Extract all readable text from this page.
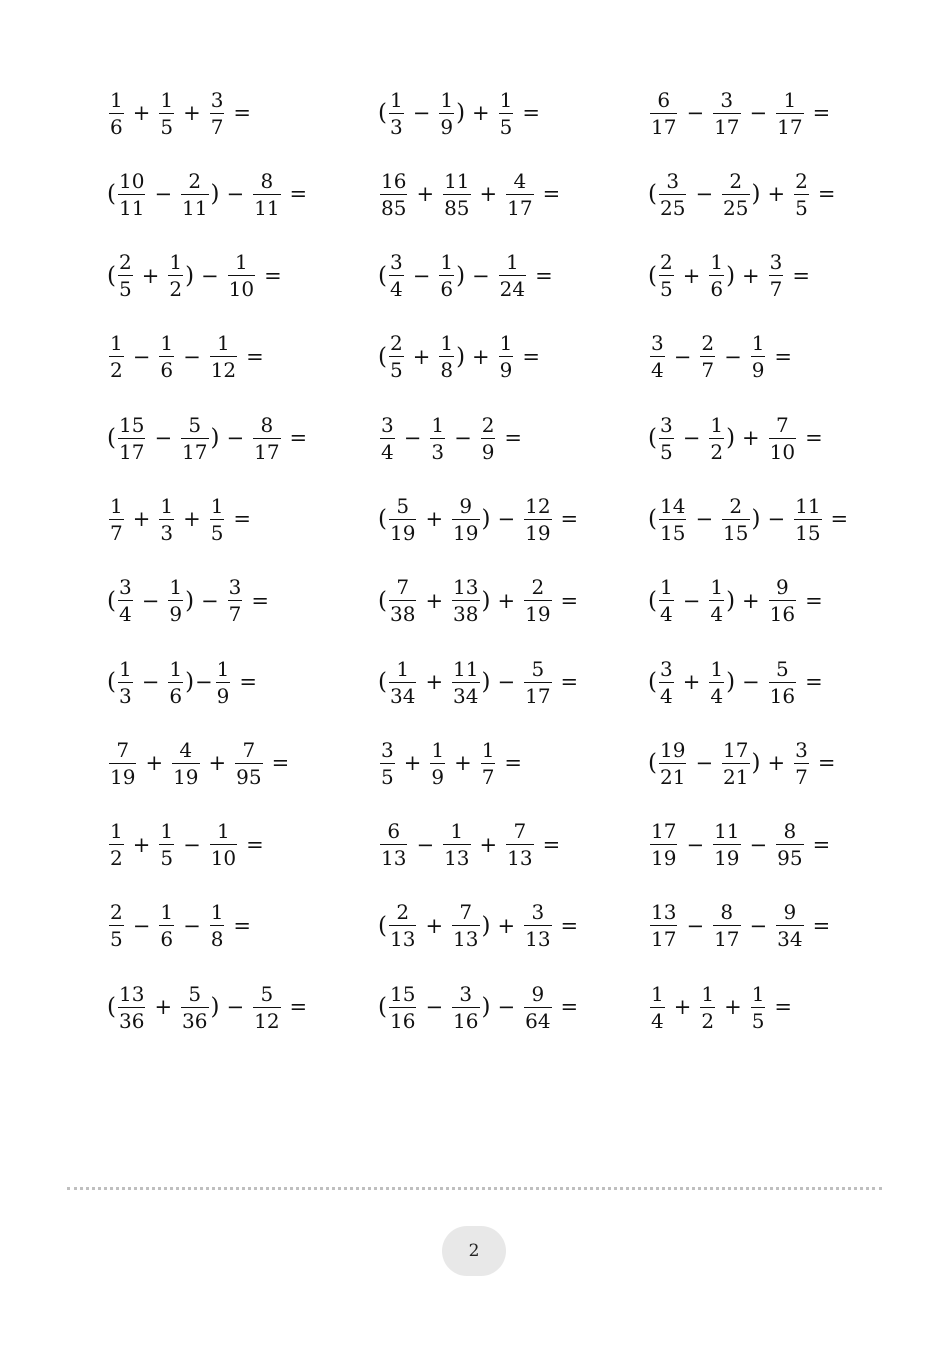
$\frac{1}{6} + \frac{1}{5} + \frac{3}{7}$ =	( $\frac{1}{3} - \frac{1}{9}$ ) + $\frac{1}{5}$ =	$\frac{6}{17} - \frac{3}{17} - \frac{1}{17}$ =
( $\frac{10}{11} - \frac{2}{11}$ ) − $\frac{8}{11}$ =	$\frac{16}{85} + \frac{11}{85} + \frac{4}{17}$ =	( $\frac{3}{25} - \frac{2}{25}$ ) + $\frac{2}{5}$ =
( $\frac{2}{5} + \frac{1}{2}$ ) − $\frac{1}{10}$ =	( $\frac{3}{4} - \frac{1}{6}$ ) − $\frac{1}{24}$ =	( $\frac{2}{5} + \frac{1}{6}$ ) + $\frac{3}{7}$ =
$\frac{1}{2} - \frac{1}{6} - \frac{1}{12}$ =	( $\frac{2}{5} + \frac{1}{8}$ ) + $\frac{1}{9}$ =	$\frac{3}{4} - \frac{2}{7} - \frac{1}{9}$ =
( $\frac{15}{17} - \frac{5}{17}$ ) − $\frac{8}{17}$ =	$\frac{3}{4} - \frac{1}{3} - \frac{2}{9}$ =	( $\frac{3}{5} - \frac{1}{2}$ ) + $\frac{7}{10}$ =
$\frac{1}{7} + \frac{1}{3} + \frac{1}{5}$ =	( $\frac{5}{19} + \frac{9}{19}$ ) − $\frac{12}{19}$ =	( $\frac{14}{15} - \frac{2}{15}$ ) − $\frac{11}{15}$ =
( $\frac{3}{4} - \frac{1}{9}$ ) − $\frac{3}{7}$ =	( $\frac{7}{38} + \frac{13}{38}$ ) + $\frac{2}{19}$ =	( $\frac{1}{4} - \frac{1}{4}$ ) + $\frac{9}{16}$ =
( $\frac{1}{3} - \frac{1}{6}$ ) − $\frac{1}{9}$ =	( $\frac{1}{34} + \frac{11}{34}$ ) − $\frac{5}{17}$ =	( $\frac{3}{4} + \frac{1}{4}$ ) − $\frac{5}{16}$ =
$\frac{7}{19} + \frac{4}{19} + \frac{7}{95}$ =	$\frac{3}{5} + \frac{1}{9} + \frac{1}{7}$ =	( $\frac{19}{21} - \frac{17}{21}$ ) + $\frac{3}{7}$ =
$\frac{1}{2} + \frac{1}{5} - \frac{1}{10}$ =	$\frac{6}{13} - \frac{1}{13} + \frac{7}{13}$ =	$\frac{17}{19} - \frac{11}{19} - \frac{8}{95}$ =
$\frac{2}{5} - \frac{1}{6} - \frac{1}{8}$ =	( $\frac{2}{13} + \frac{7}{13}$ ) + $\frac{3}{13}$ =	$\frac{13}{17} - \frac{8}{17} - \frac{9}{34}$ =
( $\frac{13}{36} + \frac{5}{36}$ ) − $\frac{5}{12}$ =	( $\frac{15}{16} - \frac{3}{16}$ ) − $\frac{9}{64}$ =	$\frac{1}{4} + \frac{1}{2} + \frac{1}{5}$ =
2
